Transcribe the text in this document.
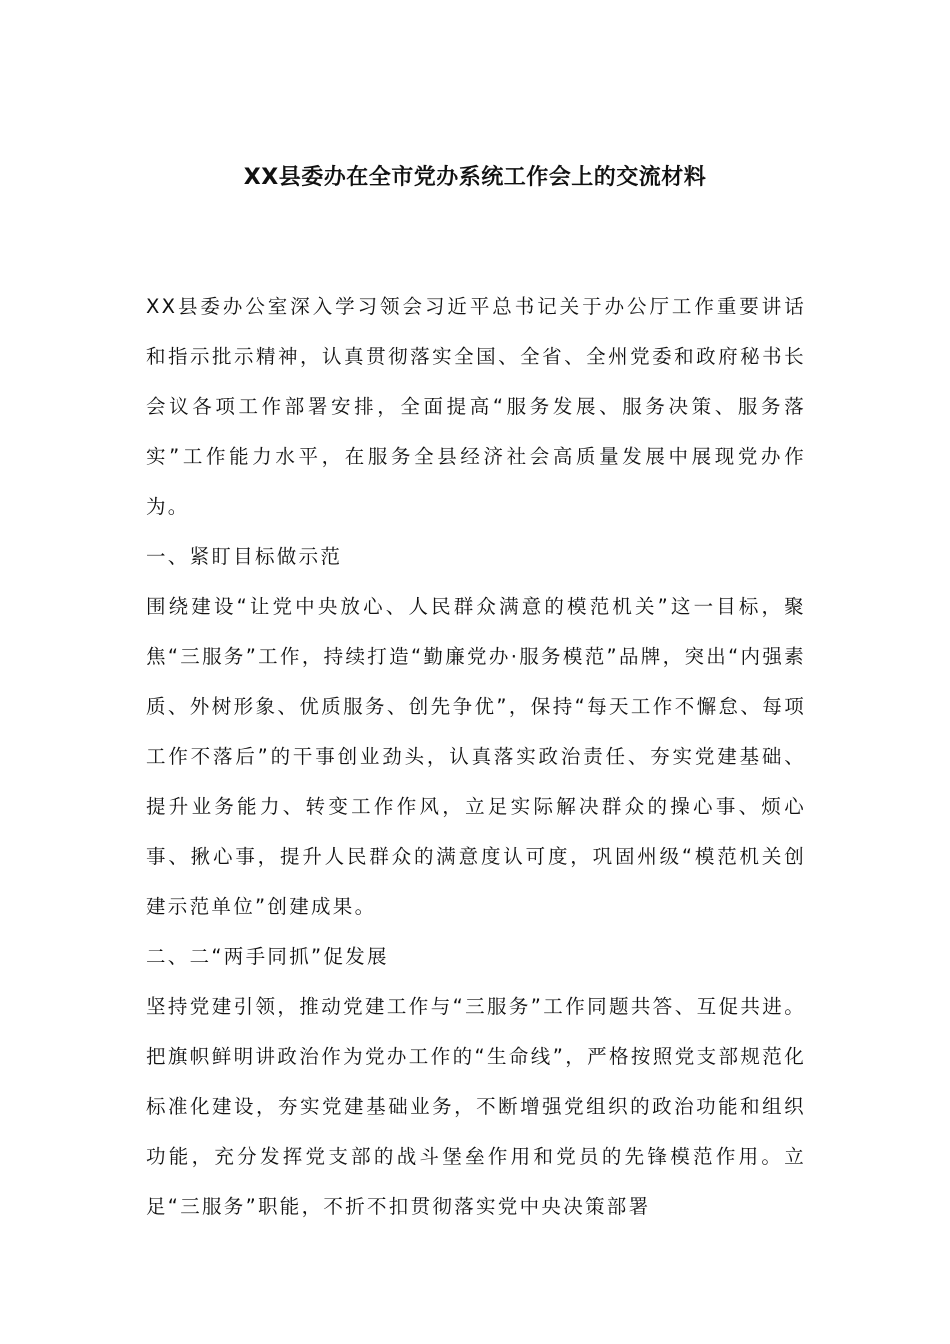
XX县委办在全市党办系统工作会上的交流材料

XX县委办公室深入学习领会习近平总书记关于办公厅工作重要讲话和指示批示精神，认真贯彻落实全国、全省、全州党委和政府秘书长会议各项工作部署安排，全面提高“服务发展、服务决策、服务落实”工作能力水平，在服务全县经济社会高质量发展中展现党办作为。

一、紧盯目标做示范

围绕建设“让党中央放心、人民群众满意的模范机关”这一目标，聚焦“三服务”工作，持续打造“勤廉党办·服务模范”品牌，突出“内强素质、外树形象、优质服务、创先争优”，保持“每天工作不懈怠、每项工作不落后”的干事创业劲头，认真落实政治责任、夯实党建基础、提升业务能力、转变工作作风，立足实际解决群众的操心事、烦心事、揪心事，提升人民群众的满意度认可度，巩固州级“模范机关创建示范单位”创建成果。

二、二“两手同抓”促发展

坚持党建引领，推动党建工作与“三服务”工作同题共答、互促共进。把旗帜鲜明讲政治作为党办工作的“生命线”，严格按照党支部规范化标准化建设，夯实党建基础业务，不断增强党组织的政治功能和组织功能，充分发挥党支部的战斗堡垒作用和党员的先锋模范作用。立足“三服务”职能，不折不扣贯彻落实党中央决策部署
